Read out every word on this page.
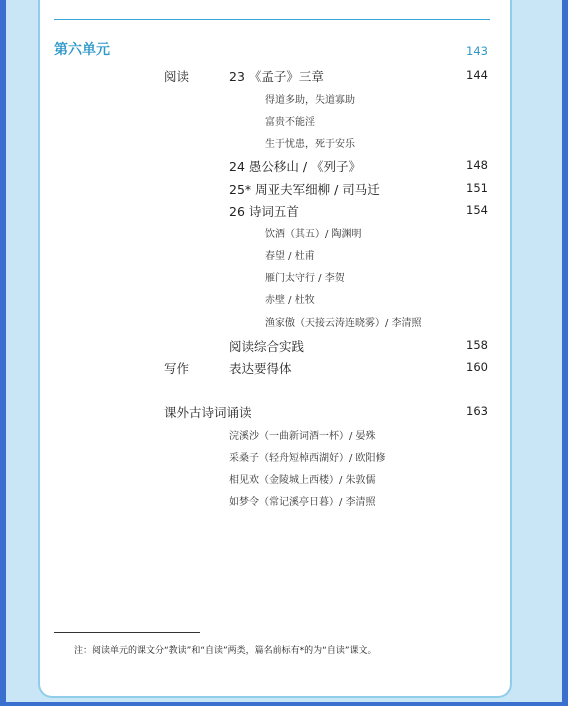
第六单元	143
阅读	23 《孟子》三章	144
得道多助，失道寡助
富贵不能淫
生于忧患，死于安乐
24 愚公移山 / 《列子》	148
25* 周亚夫军细柳 / 司马迁	151
26 诗词五首	154
饮酒（其五）/ 陶渊明
春望 / 杜甫
雁门太守行 / 李贺
赤壁 / 杜牧
渔家傲（天接云涛连晓雾）/ 李清照
阅读综合实践	158
写作	表达要得体	160
课外古诗词诵读	163
浣溪沙（一曲新词酒一杯）/ 晏殊
采桑子（轻舟短棹西湖好）/ 欧阳修
相见欢（金陵城上西楼）/ 朱敦儒
如梦令（常记溪亭日暮）/ 李清照
注：阅读单元的课文分“教读”和“自读”两类，篇名前标有*的为“自读”课文。
